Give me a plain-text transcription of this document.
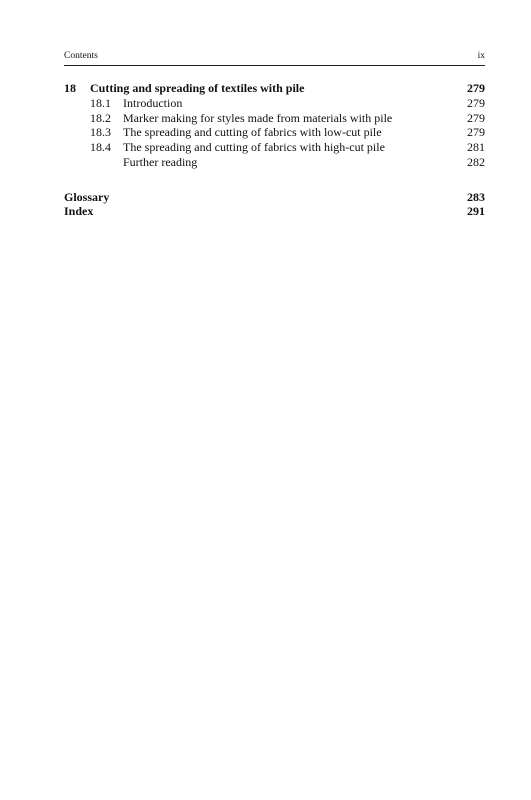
Contents	ix
18 Cutting and spreading of textiles with pile	279
18.1 Introduction	279
18.2 Marker making for styles made from materials with pile	279
18.3 The spreading and cutting of fabrics with low-cut pile	279
18.4 The spreading and cutting of fabrics with high-cut pile	281
Further reading	282
Glossary	283
Index	291
